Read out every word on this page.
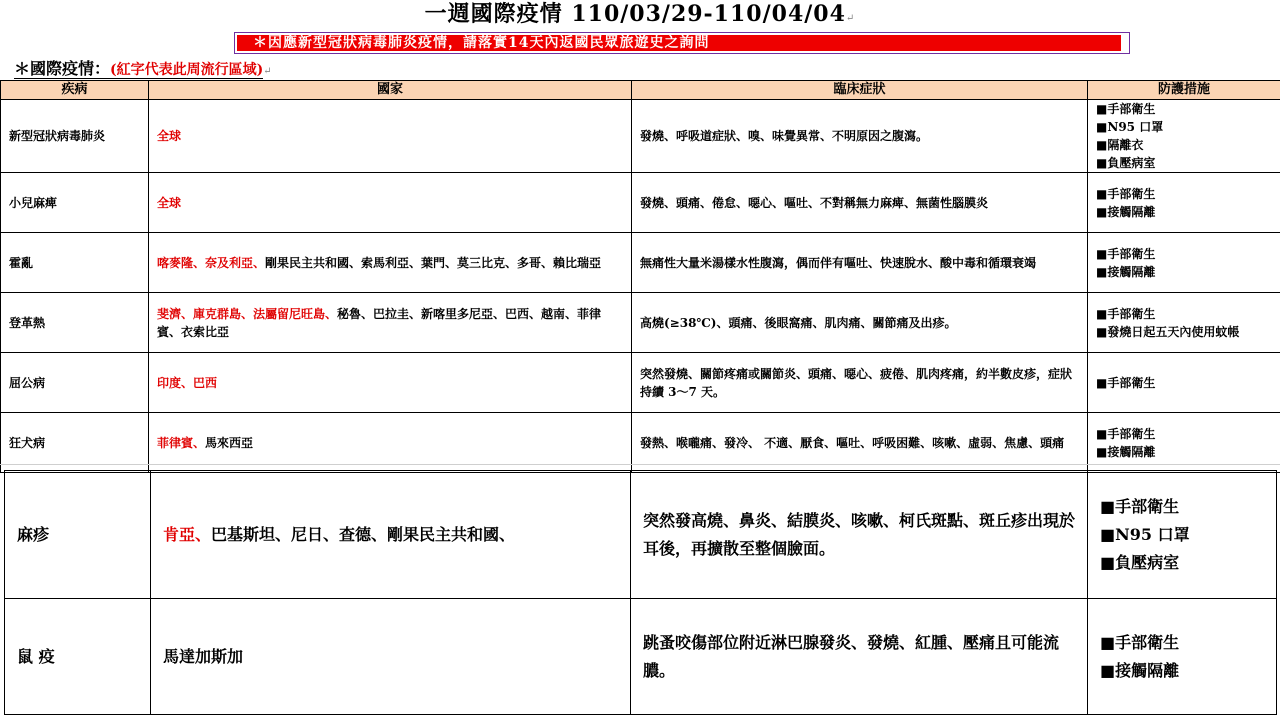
一週國際疫情 110/03/29-110/04/04↵
＊因應新型冠狀病毒肺炎疫情，請落實14天內返國民眾旅遊史之詢問
＊國際疫情：(紅字代表此周流行區域)↵
疾病	國家	臨床症狀	防護措施
新型冠狀病毒肺炎	全球	發燒、呼吸道症狀、嗅、味覺異常、不明原因之腹瀉。	■手部衛生
■N95 口罩
■隔離衣
■負壓病室

小兒麻痺	全球	發燒、頭痛、倦怠、噁心、嘔吐、不對稱無力麻痺、無菌性腦膜炎	■手部衛生
■接觸隔離

霍亂	喀麥隆、奈及利亞、剛果民主共和國、索馬利亞、葉門、莫三比克、多哥、賴比瑞亞	無痛性大量米湯樣水性腹瀉，偶而伴有嘔吐、快速脫水、酸中毒和循環衰竭	■手部衛生
■接觸隔離

登革熱	斐濟、庫克群島、法屬留尼旺島、秘魯、巴拉圭、新喀里多尼亞、巴西、越南、菲律賓、衣索比亞	高燒(≥38℃)、頭痛、後眼窩痛、肌肉痛、關節痛及出疹。	■手部衛生
■發燒日起五天內使用蚊帳

屈公病	印度、巴西	突然發燒、關節疼痛或關節炎、頭痛、噁心、疲倦、肌肉疼痛，約半數皮疹，症狀持續 3～7 天。	■手部衛生

狂犬病	菲律賓、馬來西亞	發熱、喉嚨痛、發冷、 不適、厭食、嘔吐、呼吸困難、咳嗽、虛弱、焦慮、頭痛	■手部衛生
■接觸隔離
麻疹	肯亞、巴基斯坦、尼日、查德、剛果民主共和國、	突然發高燒、鼻炎、結膜炎、咳嗽、柯氏斑點、斑丘疹出現於耳後，再擴散至整個臉面。	■手部衛生
■N95 口罩
■負壓病室

鼠 疫	馬達加斯加	跳蚤咬傷部位附近淋巴腺發炎、發燒、紅腫、壓痛且可能流膿。	■手部衛生
■接觸隔離
